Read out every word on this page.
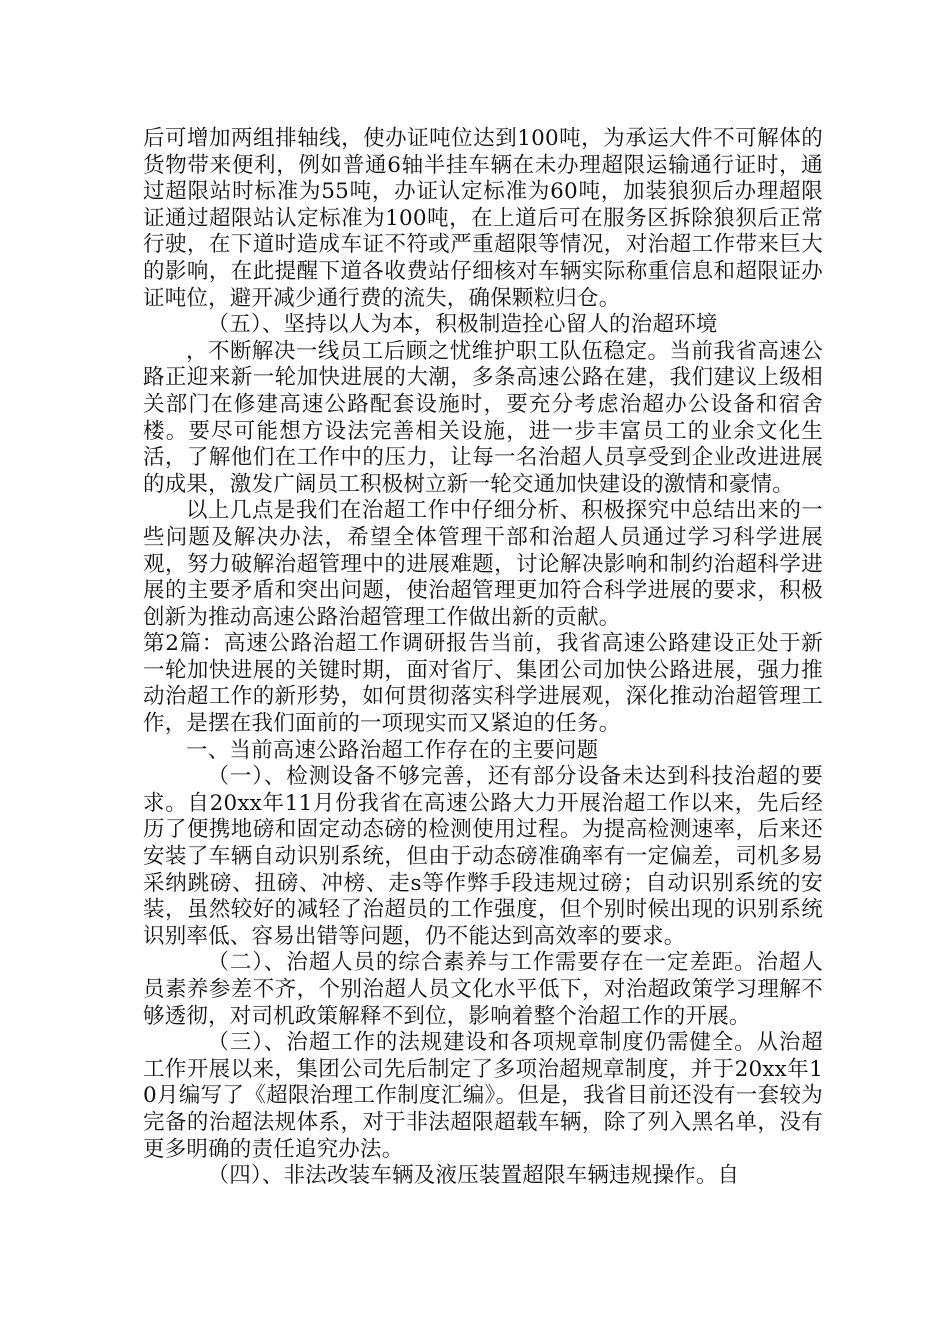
后可增加两组排轴线，使办证吨位达到100吨，为承运大件不可解体的货物带来便利，例如普通6轴半挂车辆在未办理超限运输通行证时，通过超限站时标准为55吨，办证认定标准为60吨，加装狼狈后办理超限证通过超限站认定标准为100吨，在上道后可在服务区拆除狼狈后正常行驶，在下道时造成车证不符或严重超限等情况，对治超工作带来巨大的影响，在此提醒下道各收费站仔细核对车辆实际称重信息和超限证办证吨位，避开减少通行费的流失，确保颗粒归仓。

（五）、坚持以人为本，积极制造拴心留人的治超环境

，不断解决一线员工后顾之忧维护职工队伍稳定。当前我省高速公路正迎来新一轮加快进展的大潮，多条高速公路在建，我们建议上级相关部门在修建高速公路配套设施时，要充分考虑治超办公设备和宿舍楼。要尽可能想方设法完善相关设施，进一步丰富员工的业余文化生活，了解他们在工作中的压力，让每一名治超人员享受到企业改进进展的成果，激发广阔员工积极树立新一轮交通加快建设的激情和豪情。

以上几点是我们在治超工作中仔细分析、积极探究中总结出来的一些问题及解决办法，希望全体管理干部和治超人员通过学习科学进展观，努力破解治超管理中的进展难题，讨论解决影响和制约治超科学进展的主要矛盾和突出问题，使治超管理更加符合科学进展的要求，积极创新为推动高速公路治超管理工作做出新的贡献。

第2篇：高速公路治超工作调研报告当前，我省高速公路建设正处于新一轮加快进展的关键时期，面对省厅、集团公司加快公路进展，强力推动治超工作的新形势，如何贯彻落实科学进展观，深化推动治超管理工作，是摆在我们面前的一项现实而又紧迫的任务。

一、当前高速公路治超工作存在的主要问题

（一）、检测设备不够完善，还有部分设备未达到科技治超的要求。自20xx年11月份我省在高速公路大力开展治超工作以来，先后经历了便携地磅和固定动态磅的检测使用过程。为提高检测速率，后来还安装了车辆自动识别系统，但由于动态磅准确率有一定偏差，司机多易采纳跳磅、扭磅、冲榜、走s等作弊手段违规过磅；自动识别系统的安装，虽然较好的减轻了治超员的工作强度，但个别时候出现的识别系统识别率低、容易出错等问题，仍不能达到高效率的要求。

（二）、治超人员的综合素养与工作需要存在一定差距。治超人员素养参差不齐，个别治超人员文化水平低下，对治超政策学习理解不够透彻，对司机政策解释不到位，影响着整个治超工作的开展。

（三）、治超工作的法规建设和各项规章制度仍需健全。从治超工作开展以来，集团公司先后制定了多项治超规章制度，并于20xx年10月编写了《超限治理工作制度汇编》。但是，我省目前还没有一套较为完备的治超法规体系，对于非法超限超载车辆，除了列入黑名单，没有更多明确的责任追究办法。

（四）、非法改装车辆及液压装置超限车辆违规操作。自
